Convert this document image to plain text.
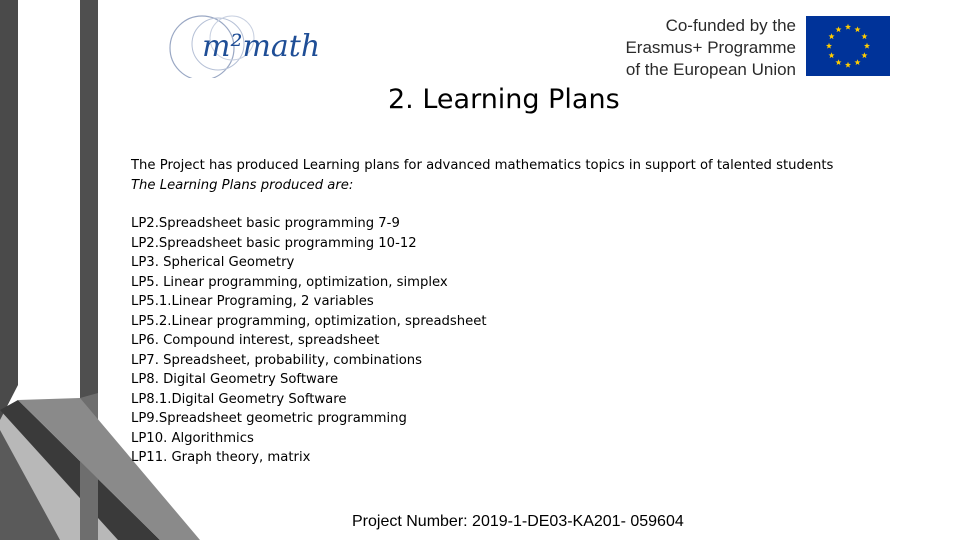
m²math
Co-funded by the
Erasmus+ Programme
of the European Union
2. Learning Plans
The Project has produced Learning plans for advanced mathematics topics in support of talented students
The Learning Plans produced are:
LP2.Spreadsheet basic programming 7-9
LP2.Spreadsheet basic programming 10-12
LP3. Spherical Geometry
LP5. Linear programming, optimization, simplex
LP5.1.Linear Programing, 2 variables
LP5.2.Linear programming, optimization, spreadsheet
LP6. Compound interest, spreadsheet
LP7. Spreadsheet, probability, combinations
LP8. Digital Geometry Software
LP8.1.Digital Geometry Software
LP9.Spreadsheet geometric programming
LP10. Algorithmics
LP11. Graph theory, matrix
Project Number: 2019-1-DE03-KA201- 059604
